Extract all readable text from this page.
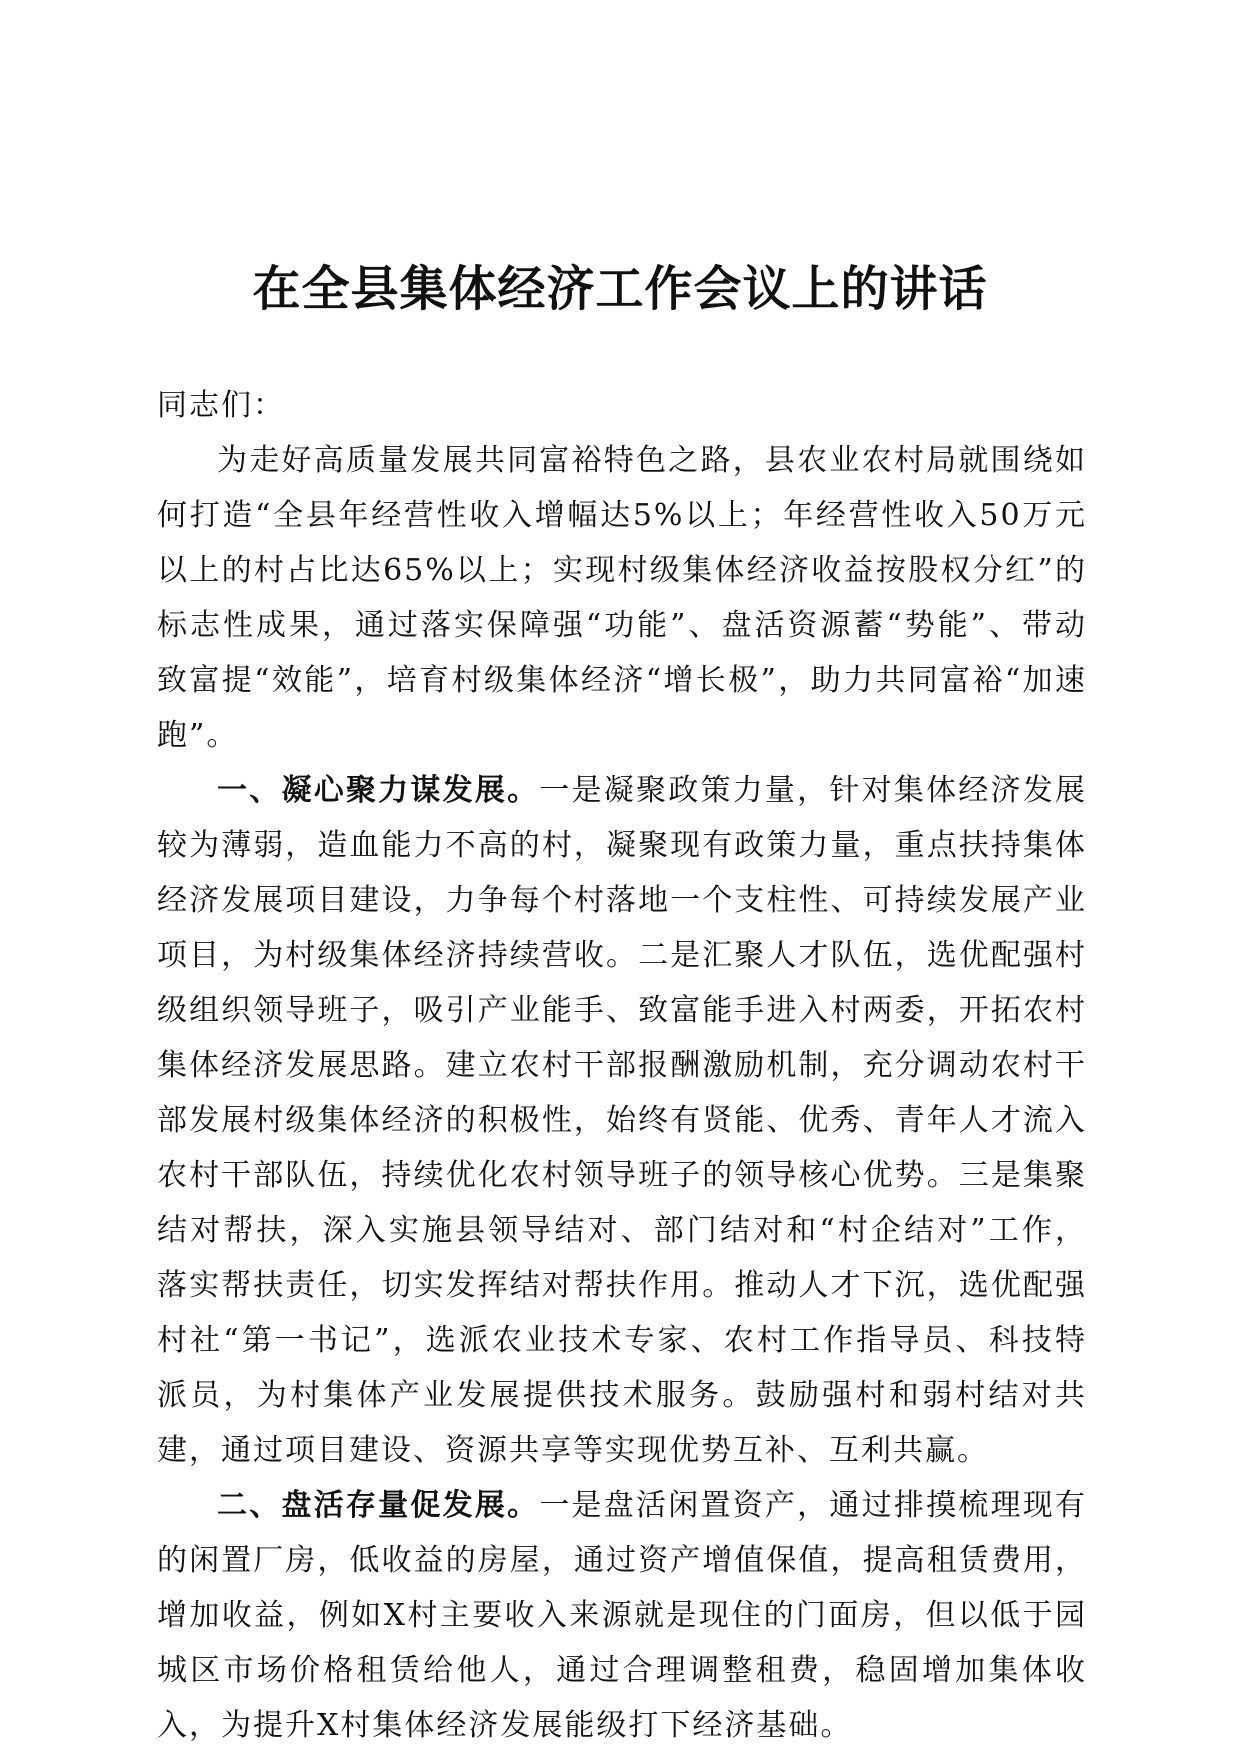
在全县集体经济工作会议上的讲话

同志们：

为走好高质量发展共同富裕特色之路，县农业农村局就围绕如何打造“全县年经营性收入增幅达5%以上；年经营性收入50万元以上的村占比达65%以上；实现村级集体经济收益按股权分红”的标志性成果，通过落实保障强“功能”、盘活资源蓄“势能”、带动致富提“效能”，培育村级集体经济“增长极”，助力共同富裕“加速跑”。

一、凝心聚力谋发展。一是凝聚政策力量，针对集体经济发展较为薄弱，造血能力不高的村，凝聚现有政策力量，重点扶持集体经济发展项目建设，力争每个村落地一个支柱性、可持续发展产业项目，为村级集体经济持续营收。二是汇聚人才队伍，选优配强村级组织领导班子，吸引产业能手、致富能手进入村两委，开拓农村集体经济发展思路。建立农村干部报酬激励机制，充分调动农村干部发展村级集体经济的积极性，始终有贤能、优秀、青年人才流入农村干部队伍，持续优化农村领导班子的领导核心优势。三是集聚结对帮扶，深入实施县领导结对、部门结对和“村企结对”工作，落实帮扶责任，切实发挥结对帮扶作用。推动人才下沉，选优配强村社“第一书记”，选派农业技术专家、农村工作指导员、科技特派员，为村集体产业发展提供技术服务。鼓励强村和弱村结对共建，通过项目建设、资源共享等实现优势互补、互利共赢。

二、盘活存量促发展。一是盘活闲置资产，通过排摸梳理现有的闲置厂房，低收益的房屋，通过资产增值保值，提高租赁费用，增加收益，例如X村主要收入来源就是现住的门面房，但以低于园城区市场价格租赁给他人，通过合理调整租费，稳固增加集体收入，为提升X村集体经济发展能级打下经济基础。
